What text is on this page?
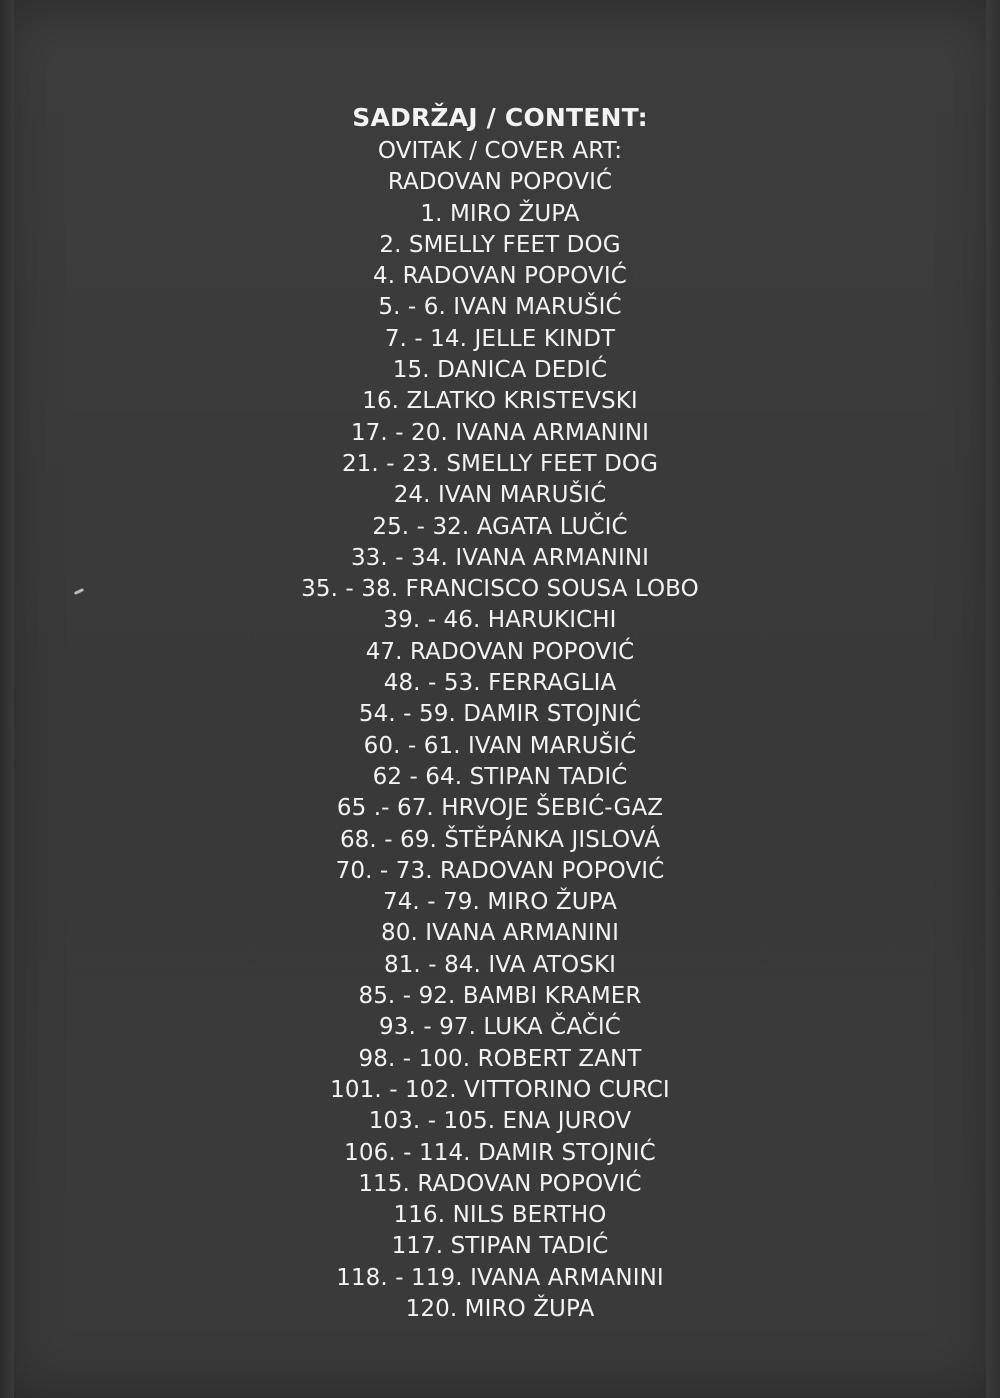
SADRŽAJ / CONTENT:
OVITAK / COVER ART:
RADOVAN POPOVIĆ
1. MIRO ŽUPA
2. SMELLY FEET DOG
4. RADOVAN POPOVIĆ
5. - 6. IVAN MARUŠIĆ
7. - 14. JELLE KINDT
15. DANICA DEDIĆ
16. ZLATKO KRISTEVSKI
17. - 20. IVANA ARMANINI
21. - 23. SMELLY FEET DOG
24. IVAN MARUŠIĆ
25. - 32. AGATA LUČIĆ
33. - 34. IVANA ARMANINI
35. - 38. FRANCISCO SOUSA LOBO
39. - 46. HARUKICHI
47. RADOVAN POPOVIĆ
48. - 53. FERRAGLIA
54. - 59. DAMIR STOJNIĆ
60. - 61. IVAN MARUŠIĆ
62 - 64. STIPAN TADIĆ
65 .- 67. HRVOJE ŠEBIĆ-GAZ
68. - 69. ŠTĚPÁNKA JISLOVÁ
70. - 73. RADOVAN POPOVIĆ
74. - 79. MIRO ŽUPA
80. IVANA ARMANINI
81. - 84. IVA ATOSKI
85. - 92. BAMBI KRAMER
93. - 97. LUKA ČAČIĆ
98. - 100. ROBERT ZANT
101. - 102. VITTORINO CURCI
103. - 105. ENA JUROV
106. - 114. DAMIR STOJNIĆ
115. RADOVAN POPOVIĆ
116. NILS BERTHO
117. STIPAN TADIĆ
118. - 119. IVANA ARMANINI
120. MIRO ŽUPA
